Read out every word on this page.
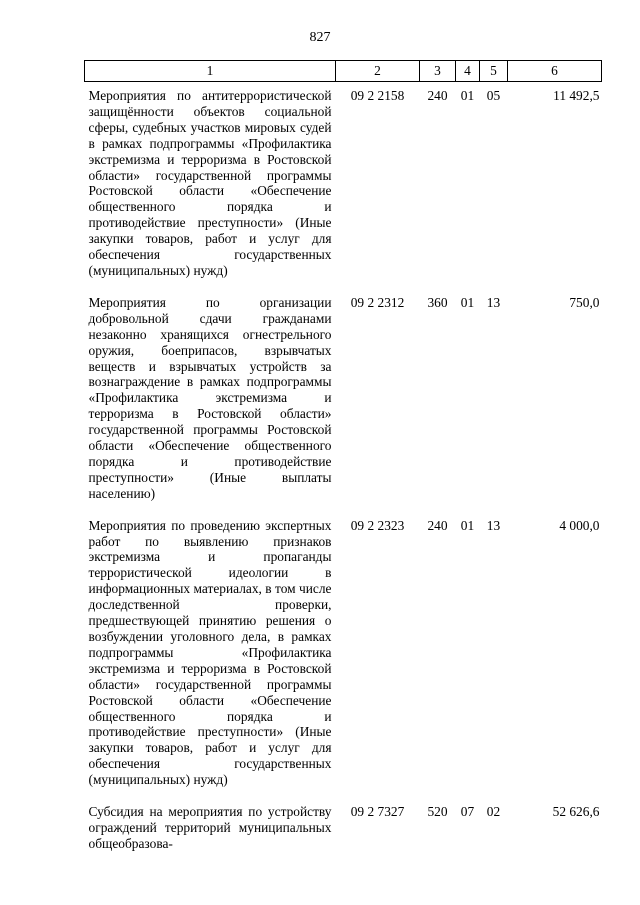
827
1	2	3	4	5	6
Мероприятия по антитеррористической защищённости объектов социальной сферы, судебных участков мировых судей в рамках подпрограммы «Профилактика экстремизма и терроризма в Ростовской области» государственной программы Ростовской области «Обеспечение общественного порядка и противодействие преступности» (Иные закупки товаров, работ и услуг для обеспечения государственных (муниципальных) нужд)	09 2 2158	240	01	05	11 492,5
Мероприятия по организации добровольной сдачи гражданами незаконно хранящихся огнестрельного оружия, боеприпасов, взрывчатых веществ и взрывчатых устройств за вознаграждение в рамках подпрограммы «Профилактика экстремизма и терроризма в Ростовской области» государственной программы Ростовской области «Обеспечение общественного порядка и противодействие преступности» (Иные выплаты населению)	09 2 2312	360	01	13	750,0
Мероприятия по проведению экспертных работ по выявлению признаков экстремизма и пропаганды террористической идеологии в информационных материалах, в том числе доследственной проверки, предшествующей принятию решения о возбуждении уголовного дела, в рамках подпрограммы «Профилактика экстремизма и терроризма в Ростовской области» государственной программы Ростовской области «Обеспечение общественного порядка и противодействие преступности» (Иные закупки товаров, работ и услуг для обеспечения государственных (муниципальных) нужд)	09 2 2323	240	01	13	4 000,0
Субсидия на мероприятия по устройству ограждений территорий муниципальных общеобразова-	09 2 7327	520	07	02	52 626,6
